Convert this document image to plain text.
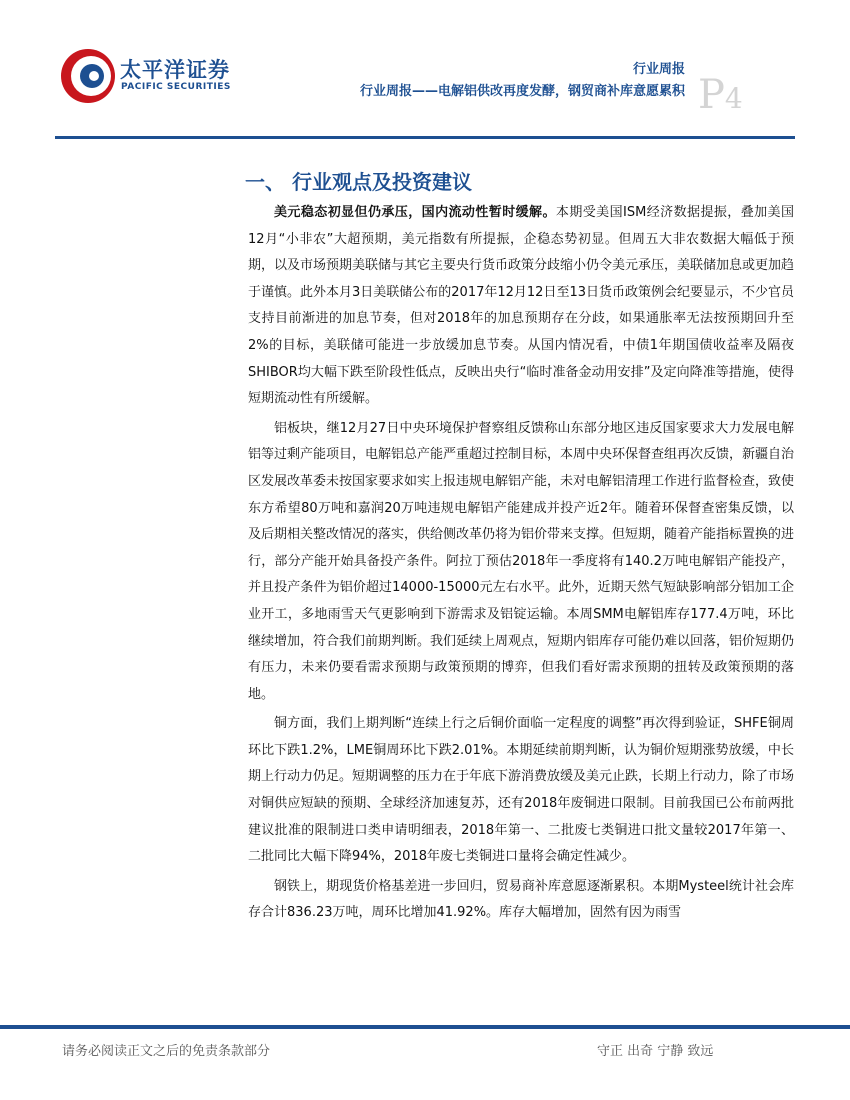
太平洋证券
PACIFIC SECURITIES
行业周报
行业周报——电解铝供改再度发酵，钢贸商补库意愿累积 P4
一、 行业观点及投资建议

美元稳态初显但仍承压，国内流动性暂时缓解。本期受美国ISM经济数据提振，叠加美国12月“小非农”大超预期，美元指数有所提振，企稳态势初显。但周五大非农数据大幅低于预期，以及市场预期美联储与其它主要央行货币政策分歧缩小仍令美元承压，美联储加息或更加趋于谨慎。此外本月3日美联储公布的2017年12月12日至13日货币政策例会纪要显示，不少官员支持目前渐进的加息节奏，但对2018年的加息预期存在分歧，如果通胀率无法按预期回升至2%的目标，美联储可能进一步放缓加息节奏。从国内情况看，中债1年期国债收益率及隔夜SHIBOR均大幅下跌至阶段性低点，反映出央行“临时准备金动用安排”及定向降准等措施，使得短期流动性有所缓解。

铝板块，继12月27日中央环境保护督察组反馈称山东部分地区违反国家要求大力发展电解铝等过剩产能项目，电解铝总产能严重超过控制目标，本周中央环保督查组再次反馈，新疆自治区发展改革委未按国家要求如实上报违规电解铝产能，未对电解铝清理工作进行监督检查，致使东方希望80万吨和嘉润20万吨违规电解铝产能建成并投产近2年。随着环保督查密集反馈，以及后期相关整改情况的落实，供给侧改革仍将为铝价带来支撑。但短期，随着产能指标置换的进行，部分产能开始具备投产条件。阿拉丁预估2018年一季度将有140.2万吨电解铝产能投产，并且投产条件为铝价超过14000-15000元左右水平。此外，近期天然气短缺影响部分铝加工企业开工，多地雨雪天气更影响到下游需求及铝锭运输。本周SMM电解铝库存177.4万吨，环比继续增加，符合我们前期判断。我们延续上周观点，短期内铝库存可能仍难以回落，铝价短期仍有压力，未来仍要看需求预期与政策预期的博弈，但我们看好需求预期的扭转及政策预期的落地。

铜方面，我们上期判断“连续上行之后铜价面临一定程度的调整”再次得到验证，SHFE铜周环比下跌1.2%，LME铜周环比下跌2.01%。本期延续前期判断，认为铜价短期涨势放缓，中长期上行动力仍足。短期调整的压力在于年底下游消费放缓及美元止跌，长期上行动力，除了市场对铜供应短缺的预期、全球经济加速复苏，还有2018年废铜进口限制。目前我国已公布前两批建议批准的限制进口类申请明细表，2018年第一、二批废七类铜进口批文量较2017年第一、二批同比大幅下降94%，2018年废七类铜进口量将会确定性减少。

钢铁上，期现货价格基差进一步回归，贸易商补库意愿逐渐累积。本期Mysteel统计社会库存合计836.23万吨，周环比增加41.92%。库存大幅增加，固然有因为雨雪

请务必阅读正文之后的免责条款部分	守正 出奇 宁静 致远
